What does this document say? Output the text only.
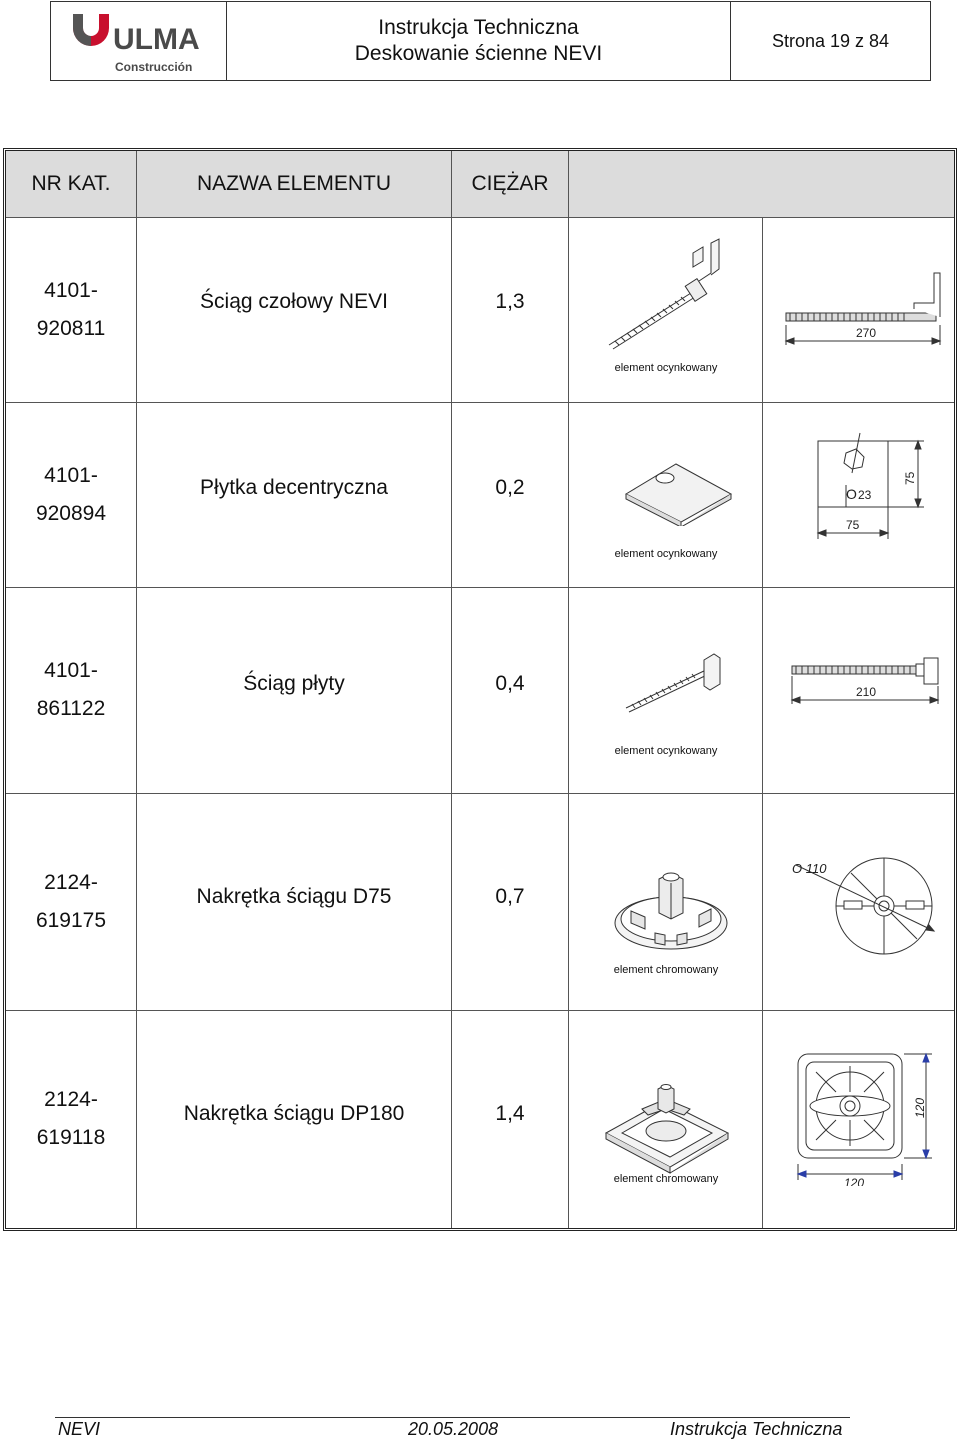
ULMA
Construcción
Instrukcja Techniczna
Deskowanie ścienne NEVI
Strona 19 z 84
NR KAT.	NAZWA ELEMENTU	CIĘŻAR
4101-
920811
Ściąg czołowy NEVI	1,3
270
element ocynkowany
4101-
920894
Płytka decentryczna	0,2	O 23
75
75
element ocynkowany
4101-
861122
Ściąg płyty	0,4	210
element ocynkowany
2124-
619175
Nakrętka ściągu D75	0,7
O 110
element chromowany
2124-
619118
Nakrętka ściągu DP180	1,4
120
120
element chromowany
NEVI	20.05.2008	Instrukcja Techniczna
